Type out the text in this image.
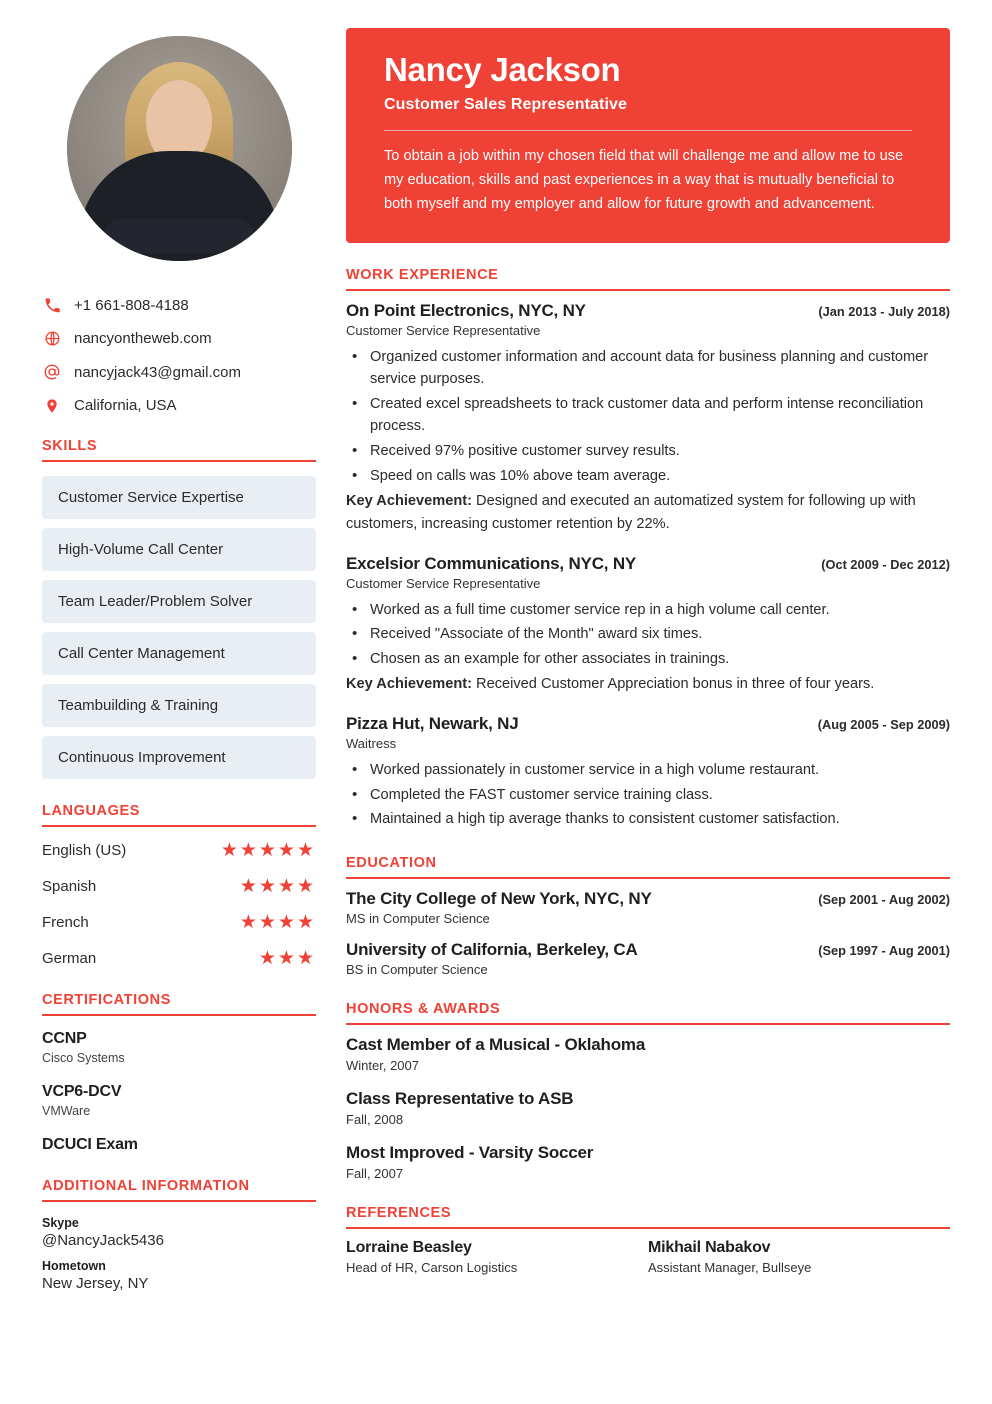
+1 661-808-4188
nancyontheweb.com
nancyjack43@gmail.com
California, USA
SKILLS
Customer Service Expertise
High-Volume Call Center
Team Leader/Problem Solver
Call Center Management
Teambuilding & Training
Continuous Improvement
LANGUAGES
English (US)	★★★★★
Spanish	★★★★
French	★★★★
German	★★★
CERTIFICATIONS
CCNP
Cisco Systems
VCP6-DCV
VMWare
DCUCI Exam
ADDITIONAL INFORMATION
Skype
@NancyJack5436
Hometown
New Jersey, NY
Nancy Jackson
Customer Sales Representative
To obtain a job within my chosen field that will challenge me and allow me to use my education, skills and past experiences in a way that is mutually beneficial to both myself and my employer and allow for future growth and advancement.
WORK EXPERIENCE
On Point Electronics, NYC, NY	(Jan 2013 - July 2018)
Customer Service Representative
• Organized customer information and account data for business planning and customer service purposes.
• Created excel spreadsheets to track customer data and perform intense reconciliation process.
• Received 97% positive customer survey results.
• Speed on calls was 10% above team average.
Key Achievement: Designed and executed an automatized system for following up with customers, increasing customer retention by 22%.
Excelsior Communications, NYC, NY	(Oct 2009 - Dec 2012)
Customer Service Representative
• Worked as a full time customer service rep in a high volume call center.
• Received "Associate of the Month" award six times.
• Chosen as an example for other associates in trainings.
Key Achievement: Received Customer Appreciation bonus in three of four years.
Pizza Hut, Newark, NJ	(Aug 2005 - Sep 2009)
Waitress
• Worked passionately in customer service in a high volume restaurant.
• Completed the FAST customer service training class.
• Maintained a high tip average thanks to consistent customer satisfaction.
EDUCATION
The City College of New York, NYC, NY	(Sep 2001 - Aug 2002)
MS in Computer Science
University of California, Berkeley, CA	(Sep 1997 - Aug 2001)
BS in Computer Science
HONORS & AWARDS
Cast Member of a Musical - Oklahoma
Winter, 2007
Class Representative to ASB
Fall, 2008
Most Improved - Varsity Soccer
Fall, 2007
REFERENCES
Lorraine Beasley
Head of HR, Carson Logistics
Mikhail Nabakov
Assistant Manager, Bullseye
